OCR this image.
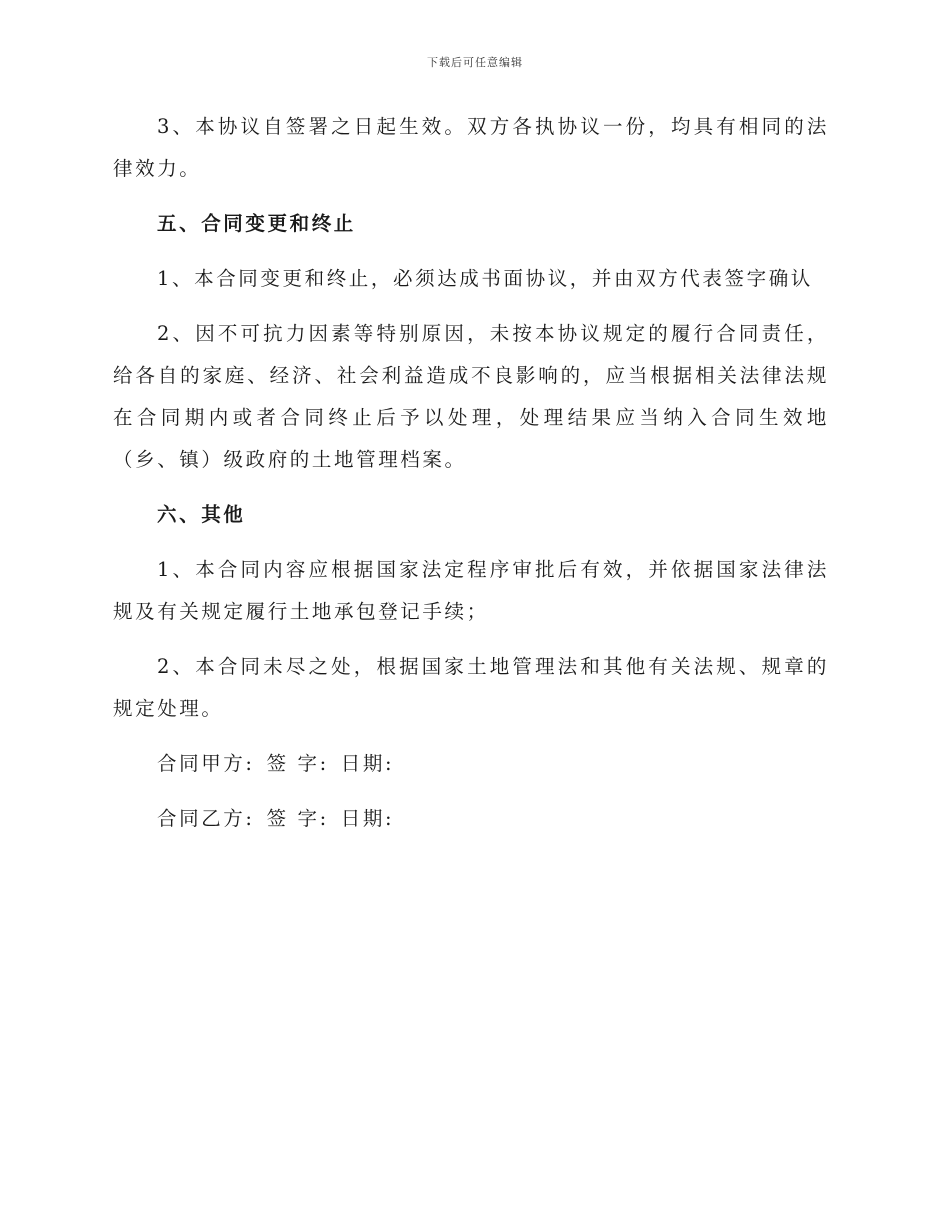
下载后可任意编辑

3、本协议自签署之日起生效。双方各执协议一份，均具有相同的法律效力。

五、合同变更和终止

1、本合同变更和终止，必须达成书面协议，并由双方代表签字确认

2、因不可抗力因素等特别原因，未按本协议规定的履行合同责任，给各自的家庭、经济、社会利益造成不良影响的，应当根据相关法律法规在合同期内或者合同终止后予以处理，处理结果应当纳入合同生效地（乡、镇）级政府的土地管理档案。

六、其他

1、本合同内容应根据国家法定程序审批后有效，并依据国家法律法规及有关规定履行土地承包登记手续；

2、本合同未尽之处，根据国家土地管理法和其他有关法规、规章的规定处理。

合同甲方: 签 字: 日期:
合同乙方: 签 字: 日期:
